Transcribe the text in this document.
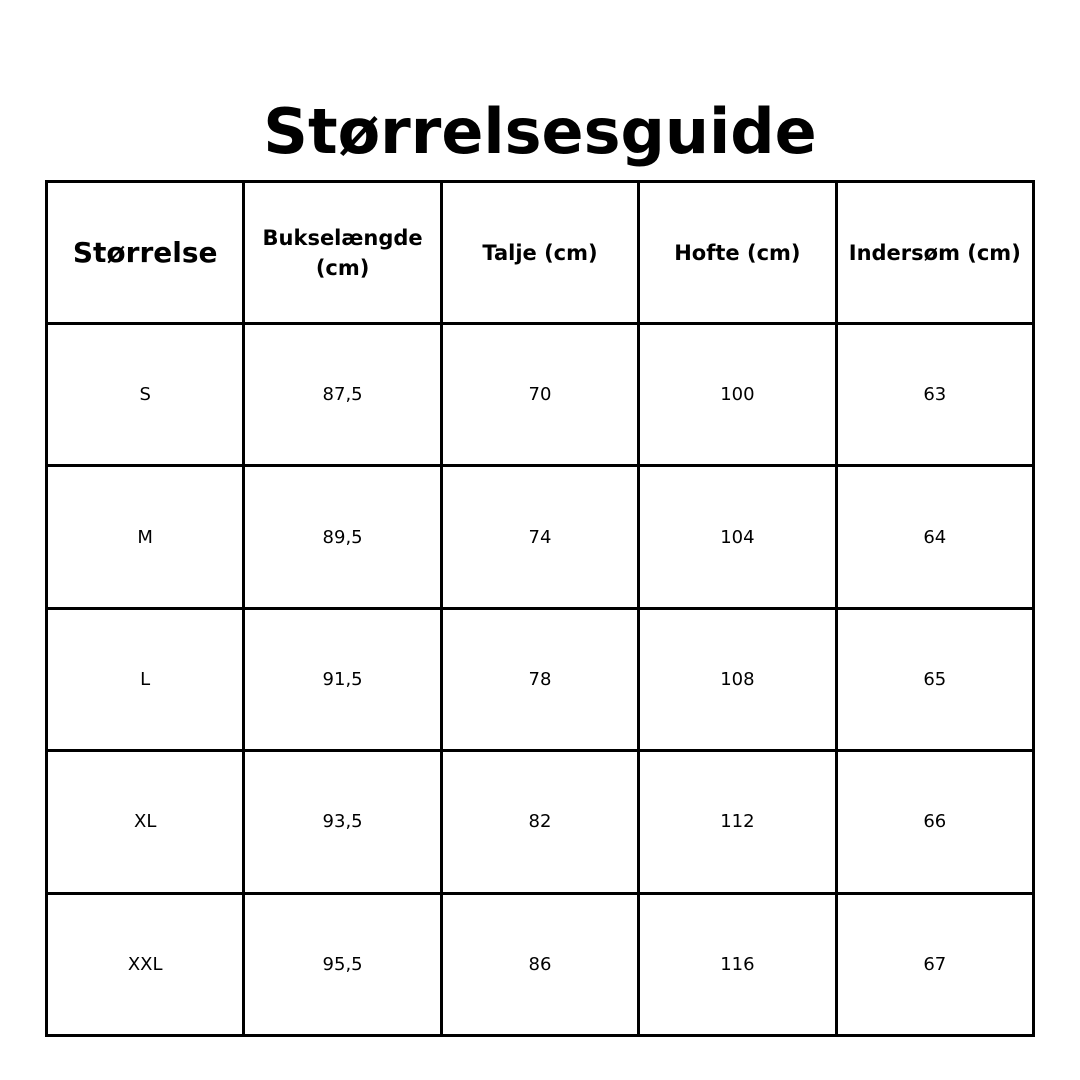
Størrelsesguide
Størrelse	Bukselængde (cm)	Talje (cm)	Hofte (cm)	Indersøm (cm)
S	87,5	70	100	63
M	89,5	74	104	64
L	91,5	78	108	65
XL	93,5	82	112	66
XXL	95,5	86	116	67
